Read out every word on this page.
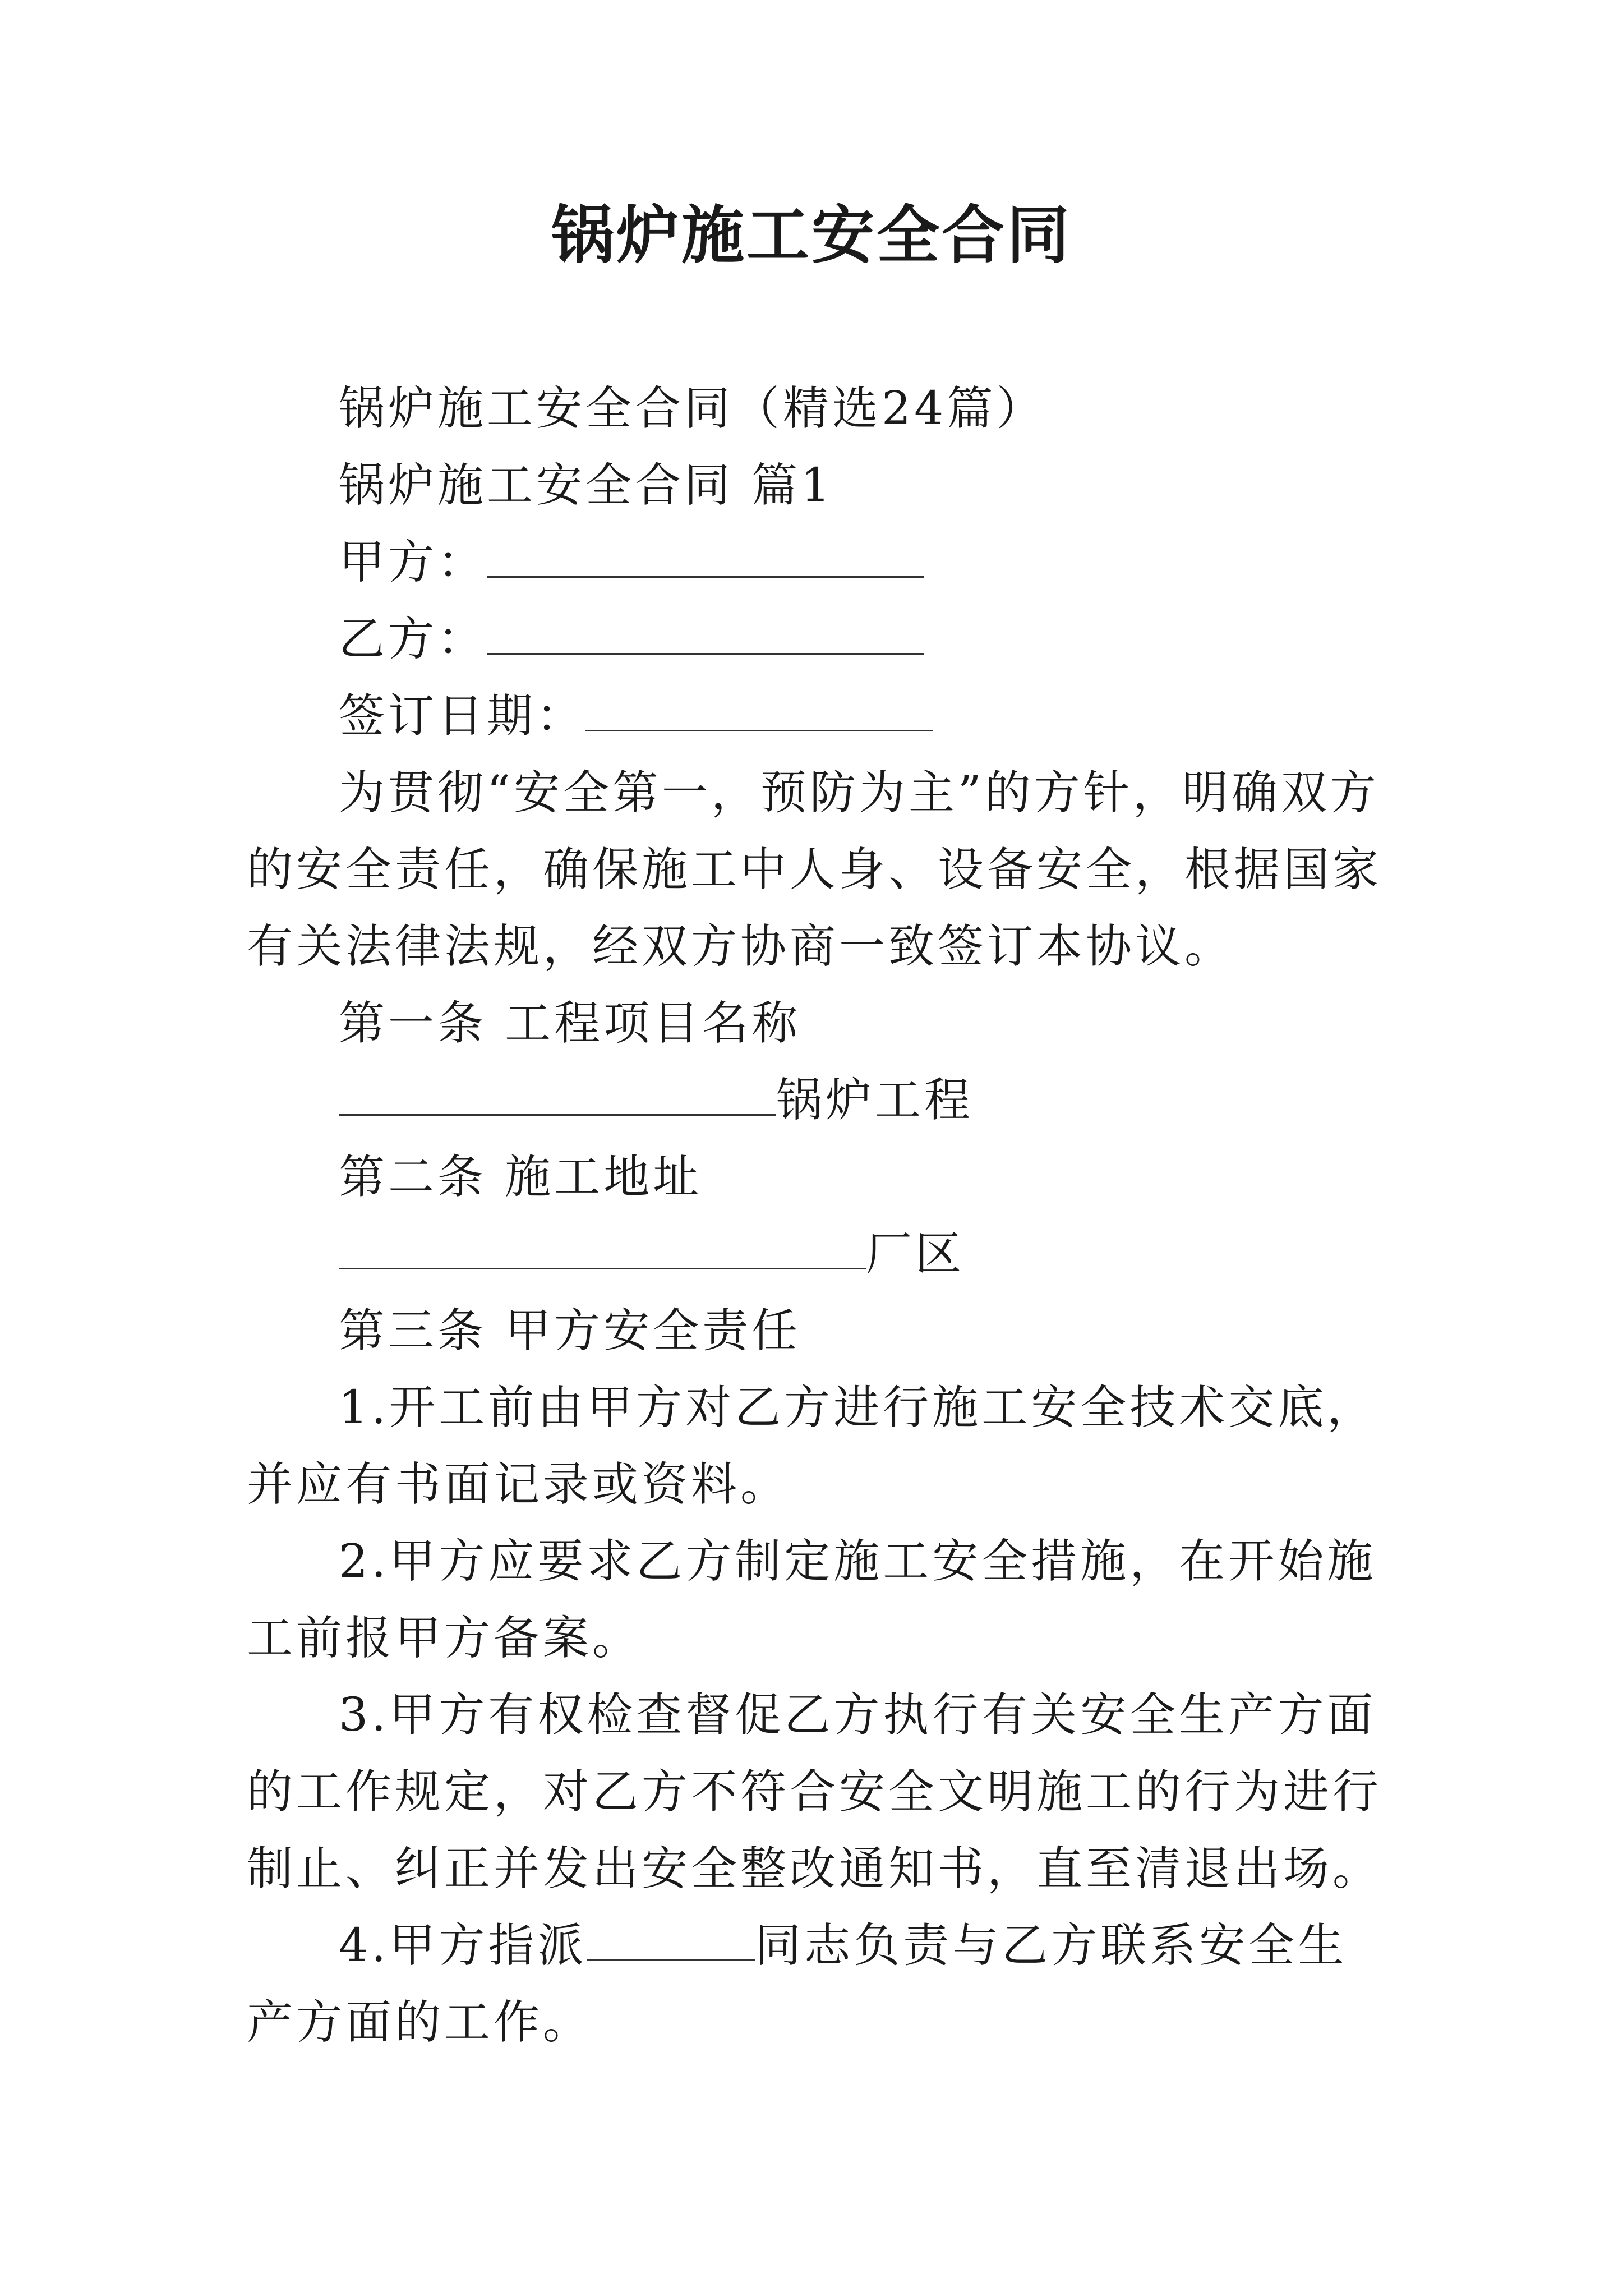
锅炉施工安全合同

锅炉施工安全合同（精选24篇）

锅炉施工安全合同 篇1

甲方：

乙方：

签订日期：

为贯彻“安全第一，预防为主”的方针，明确双方的安全责任，确保施工中人身、设备安全，根据国家有关法律法规，经双方协商一致签订本协议。

第一条 工程项目名称

锅炉工程

第二条 施工地址

厂区

第三条 甲方安全责任

1.开工前由甲方对乙方进行施工安全技术交底，并应有书面记录或资料。

2.甲方应要求乙方制定施工安全措施，在开始施工前报甲方备案。

3.甲方有权检查督促乙方执行有关安全生产方面的工作规定，对乙方不符合安全文明施工的行为进行制止、纠正并发出安全整改通知书，直至清退出场。

4.甲方指派	同志负责与乙方联系安全生产方面的工作。
